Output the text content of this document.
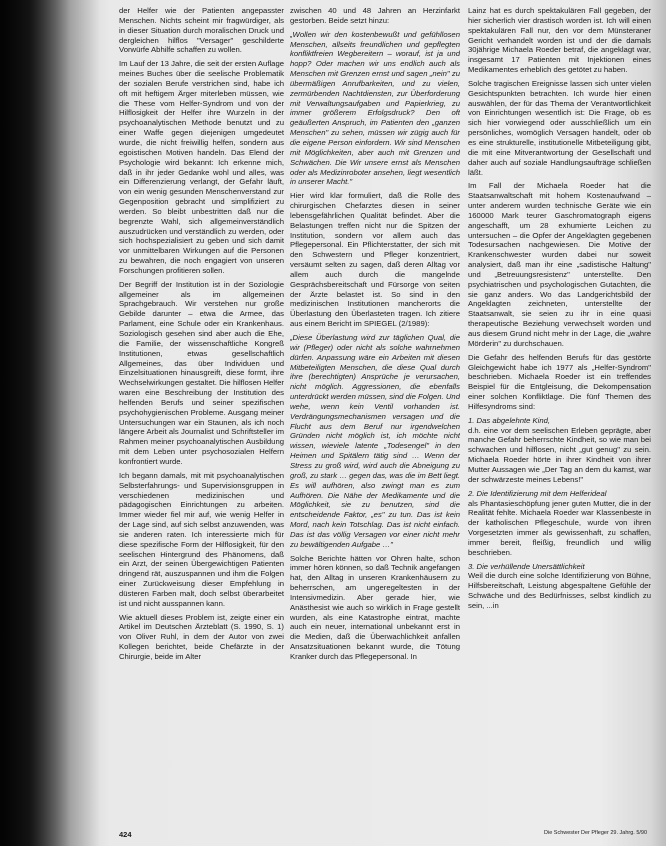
der Helfer wie der Patienten angepasster Menschen. Nichts scheint mir fragwürdiger, als in dieser Situation durch moralischen Druck und dergleichen hilflos "Versager" geschilderte Vorwürfe Abhilfe schaffen zu wollen.

Im Lauf der 13 Jahre, die seit der ersten Auflage meines Buches über die seelische Problematik der sozialen Berufe verstrichen sind, habe ich oft mit heftigem Ärger miterleben müssen, wie die These vom Helfer-Syndrom und von der Hilflosigkeit der Helfer ihre Wurzeln in der psychoanalytischen Methode benutzt und zu einer Waffe gegen diejenigen umgedeutet wurde, die nicht freiwillig helfen, sondern aus egoistischen Motiven handeln. Das Elend der Psychologie wird bekannt: Ich erkenne mich, daß in ihr jeder Gedanke wohl und alles, was ein Differenzierung verlangt, der Gefahr läuft, von ein wenig gesunden Menschenverstand zur Gegenposition gebracht und simplifiziert zu werden. So bleibt unbestritten daß nur die begrenzte Wahl, sich allgemeinverständlich auszudrücken und verständlich zu werden, oder sich hochspezialisiert zu geben und sich damit vor unmittelbaren Wirkungen auf die Personen zu bewahren, die noch engagiert von unseren Forschungen profitieren sollen.

Der Begriff der Institution ist in der Soziologie allgemeiner als im allgemeinen Sprachgebrauch. Wir verstehen nur große Gebilde darunter – etwa die Armee, das Parlament, eine Schule oder ein Krankenhaus. Soziologisch gesehen sind aber auch die Ehe, die Familie, der wissenschaftliche Kongreß Institutionen, etwas gesellschaftlich Allgemeines, das über Individuen und Einzelsituationen hinausgreift, diese formt, ihre Wechselwirkungen gestaltet. Die hilflosen Helfer waren eine Beschreibung der Institution des helfenden Berufs und seiner spezifischen psychohygienischen Probleme. Ausgang meiner Untersuchungen war ein Staunen, als ich noch längere Arbeit als Journalist und Schriftsteller im Rahmen meiner psychoanalytischen Ausbildung mit dem Leben unter psychosozialen Helfern konfrontiert wurde.

Ich begann damals, mit mit psychoanalytischen Selbsterfahrungs- und Supervisionsgruppen in verschiedenen medizinischen und pädagogischen Einrichtungen zu arbeiten. Immer wieder fiel mir auf, wie wenig Helfer in der Lage sind, auf sich selbst anzuwenden, was sie anderen raten. Ich interessierte mich für diese spezifische Form der Hilflosigkeit, für den seelischen Hintergrund des Phänomens, daß ein Arzt, der seinen Übergewichtigen Patienten dringend rät, auszuspannen und ihm die Folgen einer Zurückweisung dieser Empfehlung in düsteren Farben malt, doch selbst überarbeitet ist und nicht ausspannen kann.

Wie aktuell dieses Problem ist, zeigte einer ein Artikel im Deutschen Ärzteblatt (S. 1990, S. 1) von Oliver Ruhl, in dem der Autor von zwei Kollegen berichtet, beide Chefärzte in der Chirurgie, beide im Alter

zwischen 40 und 48 Jahren an Herzinfarkt gestorben. Beide setzt hinzu:

„Wollen wir den kostenbewußt und gefühllosen Menschen, allseits freundlichen und gepflegten konfliktfreien Wegbereitern – worauf, ist ja und hopp? Oder machen wir uns endlich auch als Menschen mit Grenzen ernst und sagen „nein" zu übermäßigen Anrufbarkeiten, und zu vielen, zermürbenden Nachtdiensten, zur Überforderung mit Verwaltungsaufgaben und Papierkrieg, zu immer größerem Erfolgsdruck? Den oft geäußerten Anspruch, im Patienten den „ganzen Menschen" zu sehen, müssen wir zügig auch für die eigene Person einfordern. Wir sind Menschen mit Möglichkeiten, aber auch mit Grenzen und Schwächen. Die Wir unsere ernst als Menschen oder als Medizinroboter ansehen, liegt wesentlich in unserer Macht."

Hier wird klar formuliert, daß die Rolle des chirurgischen Chefarztes diesen in seiner lebensgefährlichen Qualität befindet. Aber die Belastungen treffen nicht nur die Spitzen der Institution, sondern vor allem auch das Pflegepersonal. Ein Pflichterstatter, der sich mit den Schwestern und Pfleger konzentriert, versäumt selten zu sagen, daß deren Alltag vor allem auch durch die mangelnde Gesprächsbereitschaft und Fürsorge von seiten der Ärzte belastet ist. So sind in den medizinischen Institutionen mancherorts die Überlastung den Überlasteten tragen. Ich zitiere aus einem Bericht im SPIEGEL (2/1989):

„Diese Überlastung wird zur täglichen Qual, die wir (Pfleger) oder nicht als solche wahrnehmen dürfen. Anpassung wäre ein Arbeiten mit diesen Mitbeteiligten Menschen, die diese Qual durch ihre (berechtigten) Ansprüche je verursachen, nicht möglich. Aggressionen, die ebenfalls unterdrückt werden müssen, sind die Folgen. Und wehe, wenn kein Ventil vorhanden ist. Verdrängungsmechanismen versagen und die Flucht aus dem Beruf nur irgendwelchen Gründen nicht möglich ist, ich möchte nicht wissen, wieviele latente „Todesengel" in den Heimen und Spitälern tätig sind … Wenn der Stress zu groß wird, wird auch die Abneigung zu groß, zu stark … gegen das, was die im Bett liegt. Es will aufhören, also zwingt man es zum Aufhören. Die Nähe der Medikamente und die Möglichkeit, sie zu benutzen, sind die entscheidende Faktor, „es" zu tun. Das ist kein Mord, nach kein Totschlag. Das ist nicht einfach. Das ist das völlig Versagen vor einer nicht mehr zu bewältigenden Aufgabe …"

Solche Berichte hätten vor Ohren halte, schon immer hören können, so daß Technik angefangen hat, den Alltag in unseren Krankenhäusern zu beherrschen, am ungeregeltesten in der Intensivmedizin. Aber gerade hier, wie Anästhesist wie auch so wirklich in Frage gestellt wurden, als eine Katastrophe eintrat, machte auch ein neuer, international unbekannt erst in die Medien, daß die Überwachlichkeit anfallen Ansatzsituationen bekannt wurde, die Tötung Kranker durch das Pflegepersonal. In

Lainz hat es durch spektakulären Fall gegeben, der hier sicherlich vier drastisch worden ist. Ich will einen spektakulären Fall nur, den vor dem Münsteraner Gericht verhandelt worden ist und der die damals 30jährige Michaela Roeder betraf, die angeklagt war, insgesamt 17 Patienten mit Injektionen eines Medikamentes erheblich des getötet zu haben.

Solche tragischen Ereignisse lassen sich unter vielen Gesichtspunkten betrachten. Ich wurde hier einen auswählen, der für das Thema der Verantwortlichkeit von Einrichtungen wesentlich ist: Die Frage, ob es sich hier vorwiegend oder ausschließlich um ein persönliches, womöglich Versagen handelt, oder ob es eine strukturelle, institutionelle Mitbeteiligung gibt, die mit eine Mitverantwortung der Gesellschaft und daher auch auf soziale Handlungsaufträge schließen läßt.

Im Fall der Michaela Roeder hat die Staatsanwaltschaft mit hohem Kostenaufwand – unter anderem wurden technische Geräte wie ein 160000 Mark teurer Gaschromatograph eigens angeschafft, um 28 exhumierte Leichen zu untersuchen – die Opfer der Angeklagten gegebenen Todesursachen nachgewiesen. Die Motive der Krankenschwester wurden dabei nur soweit analysiert, daß man ihr eine „sadistische Haltung" und „Betreuungsresistenz" unterstellte. Den psychiatrischen und psychologischen Gutachten, die sie ganz anders. Wo das Landgerichtsbild der Angeklagten zeichneten, unterstellte der Staatsanwalt, sie seien zu ihr in eine quasi therapeutische Beziehung verwechselt worden und aus diesem Grund nicht mehr in der Lage, die „wahre Mörderin" zu durchschauen.

Die Gefahr des helfenden Berufs für das gestörte Gleichgewicht habe ich 1977 als „Helfer-Syndrom" beschrieben. Michaela Roeder ist ein treffendes Beispiel für die Entgleisung, die Dekompensation einer solchen Konfliktlage. Die fünf Themen des Hilfesyndroms sind:

1. Das abgelehnte Kind,
d.h. eine vor dem seelischen Erleben geprägte, aber manche Gefahr beherrschte Kindheit, so wie man bei schwachen und hilflosen, nicht „gut genug" zu sein. Michaela Roeder hörte in ihrer Kindheit von ihrer Mutter Aussagen wie „Der Tag an dem du kamst, war der schwärzeste meines Lebens!"

2. Die Identifizierung mit dem Helferideal
als Phantasieschöpfung jener guten Mutter, die in der Realität fehlte. Michaela Roeder war Klassenbeste in der katholischen Pflegeschule, wurde von ihren Vorgesetzten immer als gewissenhaft, zu schaffen, immer bereit, fleißig, freundlich und willig beschrieben.

3. Die verhüllende Unersättlichkeit
Weil die durch eine solche Identifizierung von Bühne, Hilfsbereitschaft, Leistung abgespaltene Gefühle der Schwäche und des Bedürfnisses, selbst kindlich zu sein, ...in

424	Die Schwester Der Pfleger 29. Jahrg. 5/90
